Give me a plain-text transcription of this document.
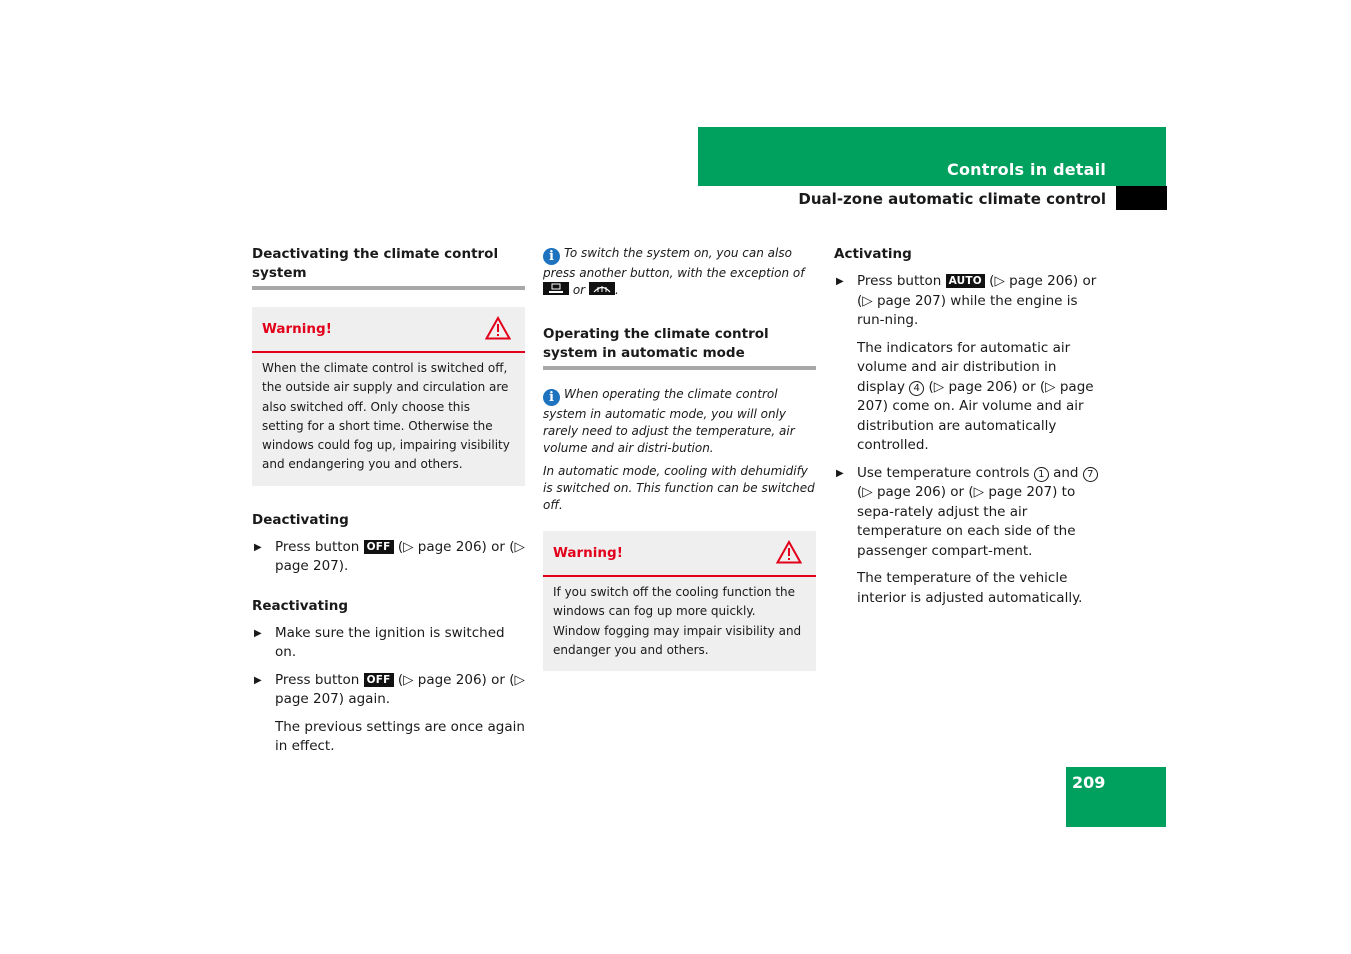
Controls in detail
Dual-zone automatic climate control
Deactivating the climate control system
Warning!
When the climate control is switched off, the outside air supply and circulation are also switched off. Only choose this setting for a short time. Otherwise the windows could fog up, impairing visibility and endangering you and others.
Deactivating
▶ Press button OFF (▷ page 206) or (▷ page 207).
Reactivating
▶ Make sure the ignition is switched on.
▶ Press button OFF (▷ page 206) or (▷ page 207) again.
The previous settings are once again in effect.
i To switch the system on, you can also press another button, with the exception of
or .
Operating the climate control system in automatic mode
i When operating the climate control system in automatic mode, you will only rarely need to adjust the temperature, air volume and air distri-bution.
In automatic mode, cooling with dehumidify is switched on. This function can be switched off.
Warning!
If you switch off the cooling function the windows can fog up more quickly. Window fogging may impair visibility and endanger you and others.
Activating
▶ Press button AUTO (▷ page 206) or (▷ page 207) while the engine is run-ning.
The indicators for automatic air volume and air distribution in display 4 (▷ page 206) or (▷ page 207) come on. Air volume and air distribution are automatically controlled.
▶ Use temperature controls 1 and 7 (▷ page 206) or (▷ page 207) to sepa-rately adjust the air temperature on each side of the passenger compart-ment.
The temperature of the vehicle interior is adjusted automatically.
209
